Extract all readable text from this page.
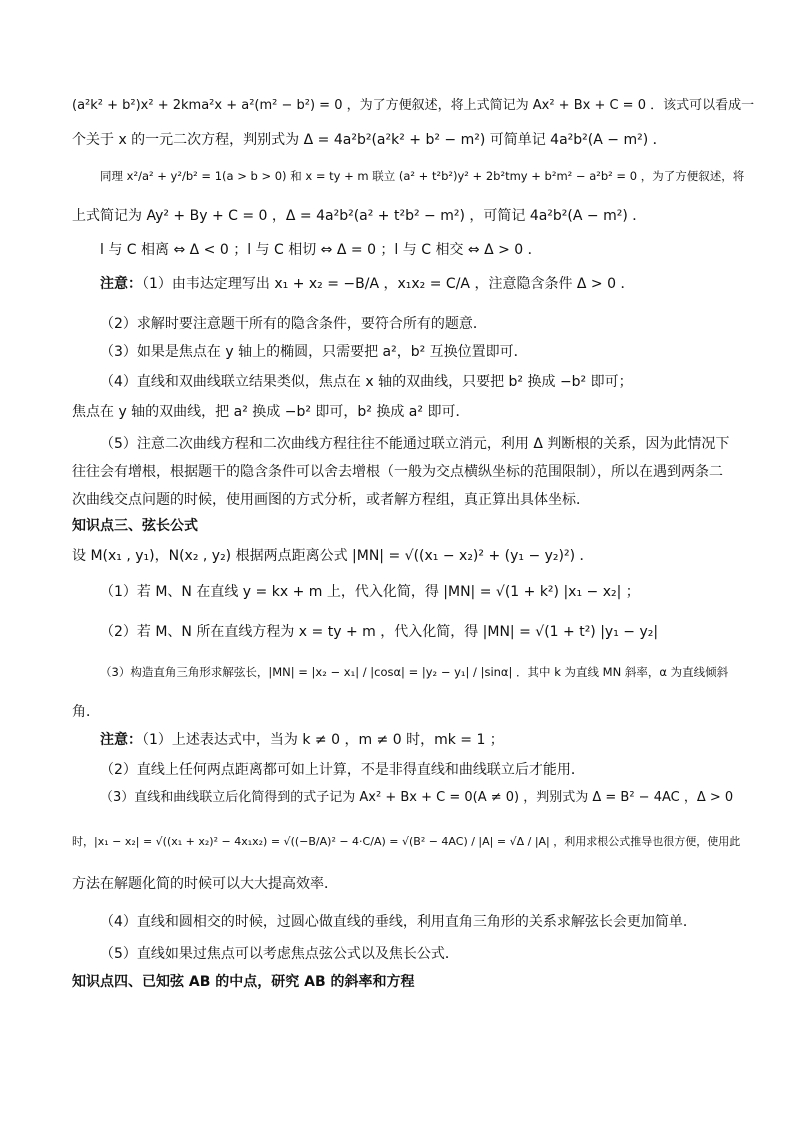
(a²k² + b²)x² + 2kma²x + a²(m² − b²) = 0 ，为了方便叙述，将上式简记为 Ax² + Bx + C = 0 ．该式可以看成一
个关于 x 的一元二次方程，判别式为 Δ = 4a²b²(a²k² + b² − m²) 可简单记 4a²b²(A − m²) ．
同理 x²/a² + y²/b² = 1(a > b > 0) 和 x = ty + m 联立 (a² + t²b²)y² + 2b²tmy + b²m² − a²b² = 0 ，为了方便叙述，将
上式简记为 Ay² + By + C = 0 ，Δ = 4a²b²(a² + t²b² − m²) ，可简记 4a²b²(A − m²) ．
l 与 C 相离 ⇔ Δ < 0 ；l 与 C 相切 ⇔ Δ = 0 ；l 与 C 相交 ⇔ Δ > 0 ．
注意：（1）由韦达定理写出 x₁ + x₂ = −B/A ，x₁x₂ = C/A ，注意隐含条件 Δ > 0 ．
（2）求解时要注意题干所有的隐含条件，要符合所有的题意．
（3）如果是焦点在 y 轴上的椭圆，只需要把 a²，b² 互换位置即可．
（4）直线和双曲线联立结果类似，焦点在 x 轴的双曲线，只要把 b² 换成 −b² 即可；
焦点在 y 轴的双曲线，把 a² 换成 −b² 即可，b² 换成 a² 即可．
（5）注意二次曲线方程和二次曲线方程往往不能通过联立消元，利用 Δ 判断根的关系，因为此情况下
往往会有增根，根据题干的隐含条件可以舍去增根（一般为交点横纵坐标的范围限制），所以在遇到两条二
次曲线交点问题的时候，使用画图的方式分析，或者解方程组，真正算出具体坐标．
知识点三、弦长公式
设 M(x₁ , y₁)，N(x₂ , y₂) 根据两点距离公式 |MN| = √((x₁ − x₂)² + (y₁ − y₂)²) ．
（1）若 M、N 在直线 y = kx + m 上，代入化简，得 |MN| = √(1 + k²) |x₁ − x₂| ；
（2）若 M、N 所在直线方程为 x = ty + m ，代入化简，得 |MN| = √(1 + t²) |y₁ − y₂|
（3）构造直角三角形求解弦长，|MN| = |x₂ − x₁| / |cosα| = |y₂ − y₁| / |sinα| ．其中 k 为直线 MN 斜率，α 为直线倾斜
角．
注意：（1）上述表达式中，当为 k ≠ 0 ，m ≠ 0 时，mk = 1 ；
（2）直线上任何两点距离都可如上计算，不是非得直线和曲线联立后才能用．
（3）直线和曲线联立后化简得到的式子记为 Ax² + Bx + C = 0(A ≠ 0) ，判别式为 Δ = B² − 4AC ，Δ > 0
时，|x₁ − x₂| = √((x₁ + x₂)² − 4x₁x₂) = √((−B/A)² − 4·C/A) = √(B² − 4AC) / |A| = √Δ / |A| ，利用求根公式推导也很方便，使用此
方法在解题化简的时候可以大大提高效率．
（4）直线和圆相交的时候，过圆心做直线的垂线，利用直角三角形的关系求解弦长会更加简单．
（5）直线如果过焦点可以考虑焦点弦公式以及焦长公式．
知识点四、已知弦 AB 的中点，研究 AB 的斜率和方程
